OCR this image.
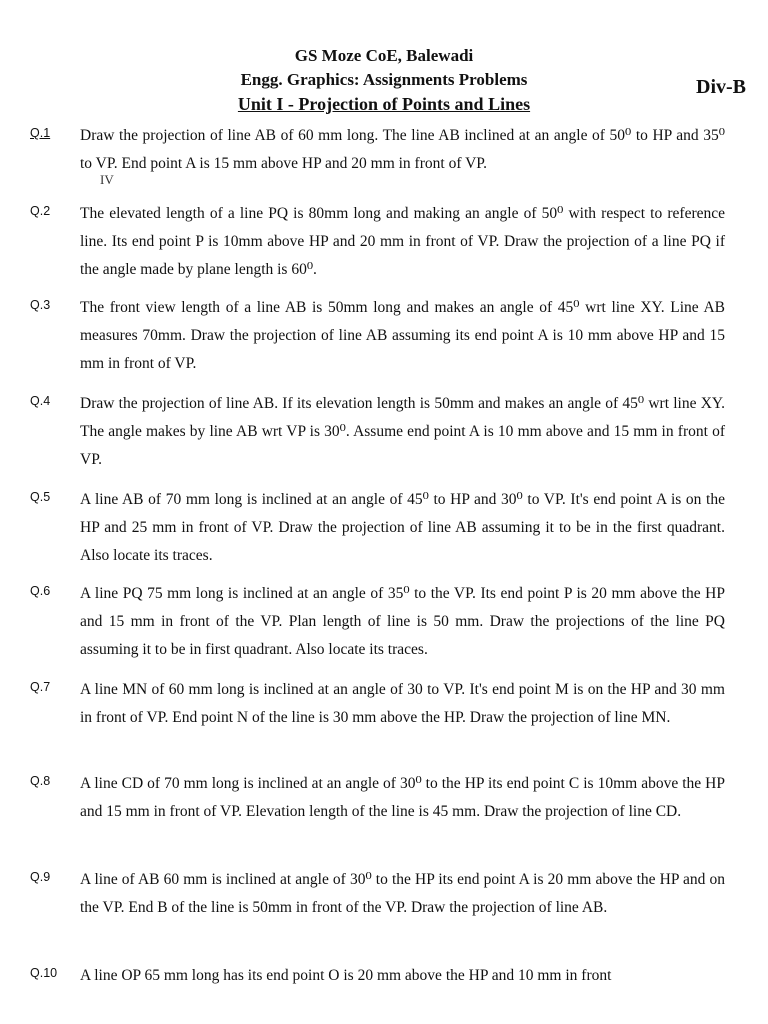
GS Moze CoE, Balewadi
Engg. Graphics: Assignments Problems
Unit I - Projection of Points and Lines
Div-B
Q.1 Draw the projection of line AB of 60 mm long. The line AB inclined at an angle of 50⁰ to HP and 35⁰ to VP. End point A is 15 mm above HP and 20 mm in front of VP.
Q.2 The elevated length of a line PQ is 80mm long and making an angle of 50⁰ with respect to reference line. Its end point P is 10mm above HP and 20 mm in front of VP. Draw the projection of a line PQ if the angle made by plane length is 60⁰.
Q.3 The front view length of a line AB is 50mm long and makes an angle of 45⁰ wrt line XY. Line AB measures 70mm. Draw the projection of line AB assuming its end point A is 10 mm above HP and 15 mm in front of VP.
Q.4 Draw the projection of line AB. If its elevation length is 50mm and makes an angle of 45⁰ wrt line XY. The angle makes by line AB wrt VP is 30⁰. Assume end point A is 10 mm above and 15 mm in front of VP.
Q.5 A line AB of 70 mm long is inclined at an angle of 45⁰ to HP and 30⁰ to VP. It's end point A is on the HP and 25 mm in front of VP. Draw the projection of line AB assuming it to be in the first quadrant. Also locate its traces.
Q.6 A line PQ 75 mm long is inclined at an angle of 35⁰ to the VP. Its end point P is 20 mm above the HP and 15 mm in front of the VP. Plan length of line is 50 mm. Draw the projections of the line PQ assuming it to be in first quadrant. Also locate its traces.
Q.7 A line MN of 60 mm long is inclined at an angle of 30 to VP. It's end point M is on the HP and 30 mm in front of VP. End point N of the line is 30 mm above the HP. Draw the projection of line MN.
Q.8 A line CD of 70 mm long is inclined at an angle of 30⁰ to the HP its end point C is 10mm above the HP and 15 mm in front of VP. Elevation length of the line is 45 mm. Draw the projection of line CD.
Q.9 A line of AB 60 mm is inclined at angle of 30⁰ to the HP its end point A is 20 mm above the HP and on the VP. End B of the line is 50mm in front of the VP. Draw the projection of line AB.
Q.10 A line OP 65 mm long has its end point O is 20 mm above the HP and 10 mm in front
IV
